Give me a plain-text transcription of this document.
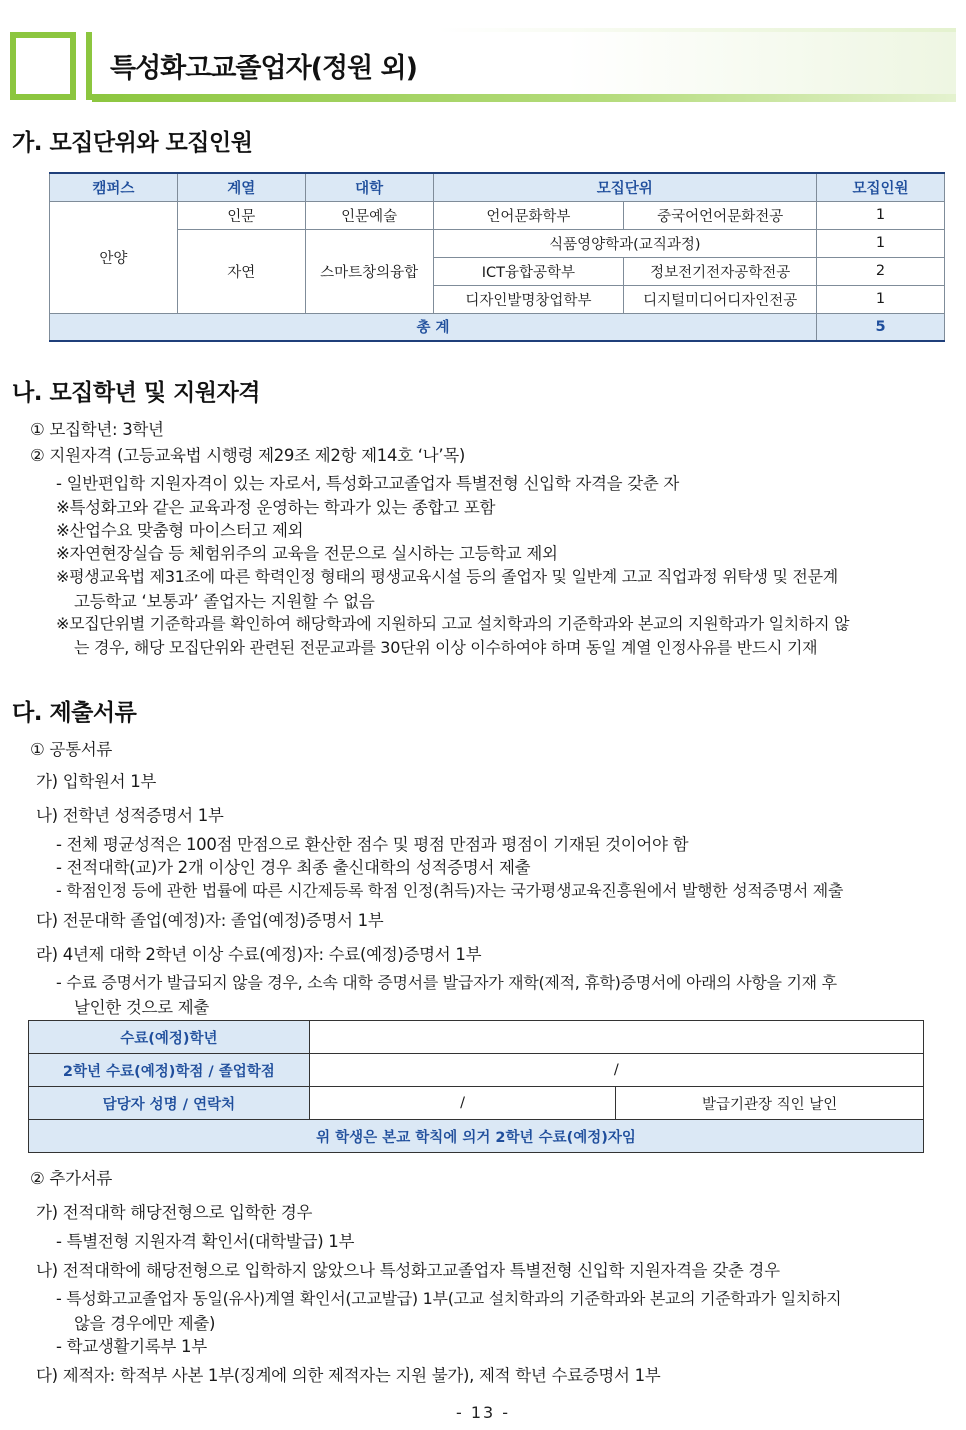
특성화고교졸업자(정원 외)
가. 모집단위와 모집인원
캠퍼스	계열	대학	모집단위		모집인원
안양	인문	인문예술	언어문화학부	중국어언어문화전공	1
	자연	스마트창의융합	식품영양학과(교직과정)		1
			ICT융합공학부	정보전기전자공학전공	2
			디자인발명창업학부	디지털미디어디자인전공	1
총 계					5
나. 모집학년 및 지원자격
① 모집학년: 3학년
② 지원자격 (고등교육법 시행령 제29조 제2항 제14호 ‘나’목)
- 일반편입학 지원자격이 있는 자로서, 특성화고교졸업자 특별전형 신입학 자격을 갖춘 자
※특성화고와 같은 교육과정 운영하는 학과가 있는 종합고 포함
※산업수요 맞춤형 마이스터고 제외
※자연현장실습 등 체험위주의 교육을 전문으로 실시하는 고등학교 제외
※평생교육법 제31조에 따른 학력인정 형태의 평생교육시설 등의 졸업자 및 일반계 고교 직업과정 위탁생 및 전문계
고등학교 ‘보통과’ 졸업자는 지원할 수 없음
※모집단위별 기준학과를 확인하여 해당학과에 지원하되 고교 설치학과의 기준학과와 본교의 지원학과가 일치하지 않
는 경우, 해당 모집단위와 관련된 전문교과를 30단위 이상 이수하여야 하며 동일 계열 인정사유를 반드시 기재
다. 제출서류
① 공통서류
가) 입학원서 1부
나) 전학년 성적증명서 1부
- 전체 평균성적은 100점 만점으로 환산한 점수 및 평점 만점과 평점이 기재된 것이어야 함
- 전적대학(교)가 2개 이상인 경우 최종 출신대학의 성적증명서 제출
- 학점인정 등에 관한 법률에 따른 시간제등록 학점 인정(취득)자는 국가평생교육진흥원에서 발행한 성적증명서 제출
다) 전문대학 졸업(예정)자: 졸업(예정)증명서 1부
라) 4년제 대학 2학년 이상 수료(예정)자: 수료(예정)증명서 1부
- 수료 증명서가 발급되지 않을 경우, 소속 대학 증명서를 발급자가 재학(제적, 휴학)증명서에 아래의 사항을 기재 후
날인한 것으로 제출
수료(예정)학년		
2학년 수료(예정)학점 / 졸업학점	/	
담당자 성명 / 연락처	/	발급기관장 직인 날인
위 학생은 본교 학칙에 의거 2학년 수료(예정)자임		
② 추가서류
가) 전적대학 해당전형으로 입학한 경우
- 특별전형 지원자격 확인서(대학발급) 1부
나) 전적대학에 해당전형으로 입학하지 않았으나 특성화고교졸업자 특별전형 신입학 지원자격을 갖춘 경우
- 특성화고교졸업자 동일(유사)계열 확인서(고교발급) 1부(고교 설치학과의 기준학과와 본교의 기준학과가 일치하지
않을 경우에만 제출)
- 학교생활기록부 1부
다) 제적자: 학적부 사본 1부(징계에 의한 제적자는 지원 불가), 제적 학년 수료증명서 1부
- 13 -
